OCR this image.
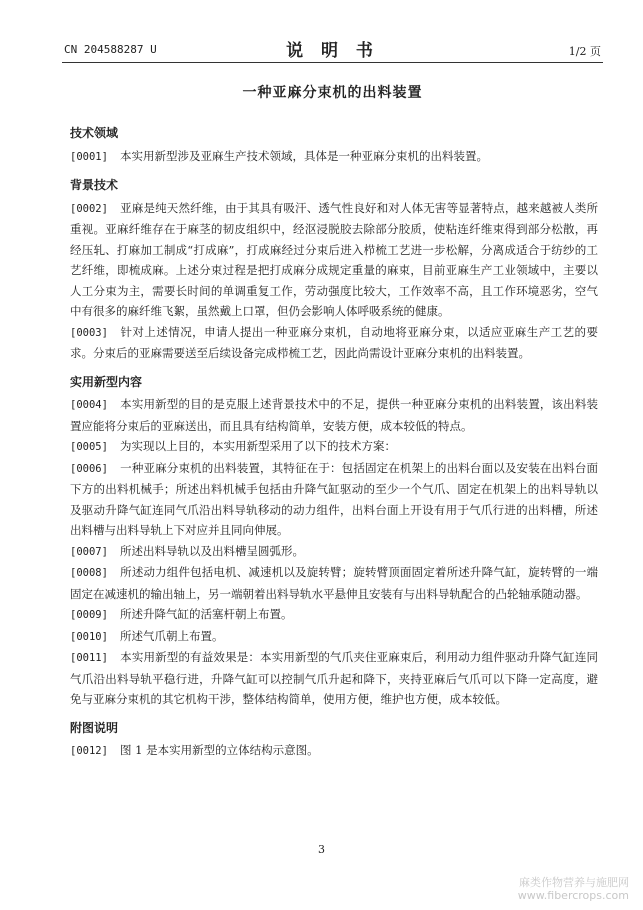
CN 204588287 U	说 明 书	1/2 页
一种亚麻分束机的出料装置
技术领域

[0001] 本实用新型涉及亚麻生产技术领域，具体是一种亚麻分束机的出料装置。

背景技术

[0002] 亚麻是纯天然纤维，由于其具有吸汗、透气性良好和对人体无害等显著特点，越来越被人类所重视。亚麻纤维存在于麻茎的韧皮组织中，经沤浸脱胶去除部分胶质，使粘连纤维束得到部分松散，再经压轧、打麻加工制成“打成麻”，打成麻经过分束后进入栉梳工艺进一步松解，分离成适合于纺纱的工艺纤维，即梳成麻。上述分束过程是把打成麻分成规定重量的麻束，目前亚麻生产工业领域中，主要以人工分束为主，需要长时间的单调重复工作，劳动强度比较大，工作效率不高，且工作环境恶劣，空气中有很多的麻纤维飞絮，虽然戴上口罩，但仍会影响人体呼吸系统的健康。

[0003] 针对上述情况，申请人提出一种亚麻分束机，自动地将亚麻分束，以适应亚麻生产工艺的要求。分束后的亚麻需要送至后续设备完成栉梳工艺，因此尚需设计亚麻分束机的出料装置。

实用新型内容

[0004] 本实用新型的目的是克服上述背景技术中的不足，提供一种亚麻分束机的出料装置，该出料装置应能将分束后的亚麻送出，而且具有结构简单，安装方便，成本较低的特点。

[0005] 为实现以上目的，本实用新型采用了以下的技术方案：

[0006] 一种亚麻分束机的出料装置，其特征在于：包括固定在机架上的出料台面以及安装在出料台面下方的出料机械手；所述出料机械手包括由升降气缸驱动的至少一个气爪、固定在机架上的出料导轨以及驱动升降气缸连同气爪沿出料导轨移动的动力组件，出料台面上开设有用于气爪行进的出料槽，所述出料槽与出料导轨上下对应并且同向伸展。

[0007] 所述出料导轨以及出料槽呈圆弧形。

[0008] 所述动力组件包括电机、减速机以及旋转臂；旋转臂顶面固定着所述升降气缸，旋转臂的一端固定在减速机的输出轴上，另一端朝着出料导轨水平悬伸且安装有与出料导轨配合的凸轮轴承随动器。

[0009] 所述升降气缸的活塞杆朝上布置。

[0010] 所述气爪朝上布置。

[0011] 本实用新型的有益效果是：本实用新型的气爪夹住亚麻束后，利用动力组件驱动升降气缸连同气爪沿出料导轨平稳行进，升降气缸可以控制气爪升起和降下，夹持亚麻后气爪可以下降一定高度，避免与亚麻分束机的其它机构干涉，整体结构简单，使用方便，维护也方便，成本较低。

附图说明

[0012] 图 1 是本实用新型的立体结构示意图。

3
麻类作物营养与施肥网
www.fibercrops.com
